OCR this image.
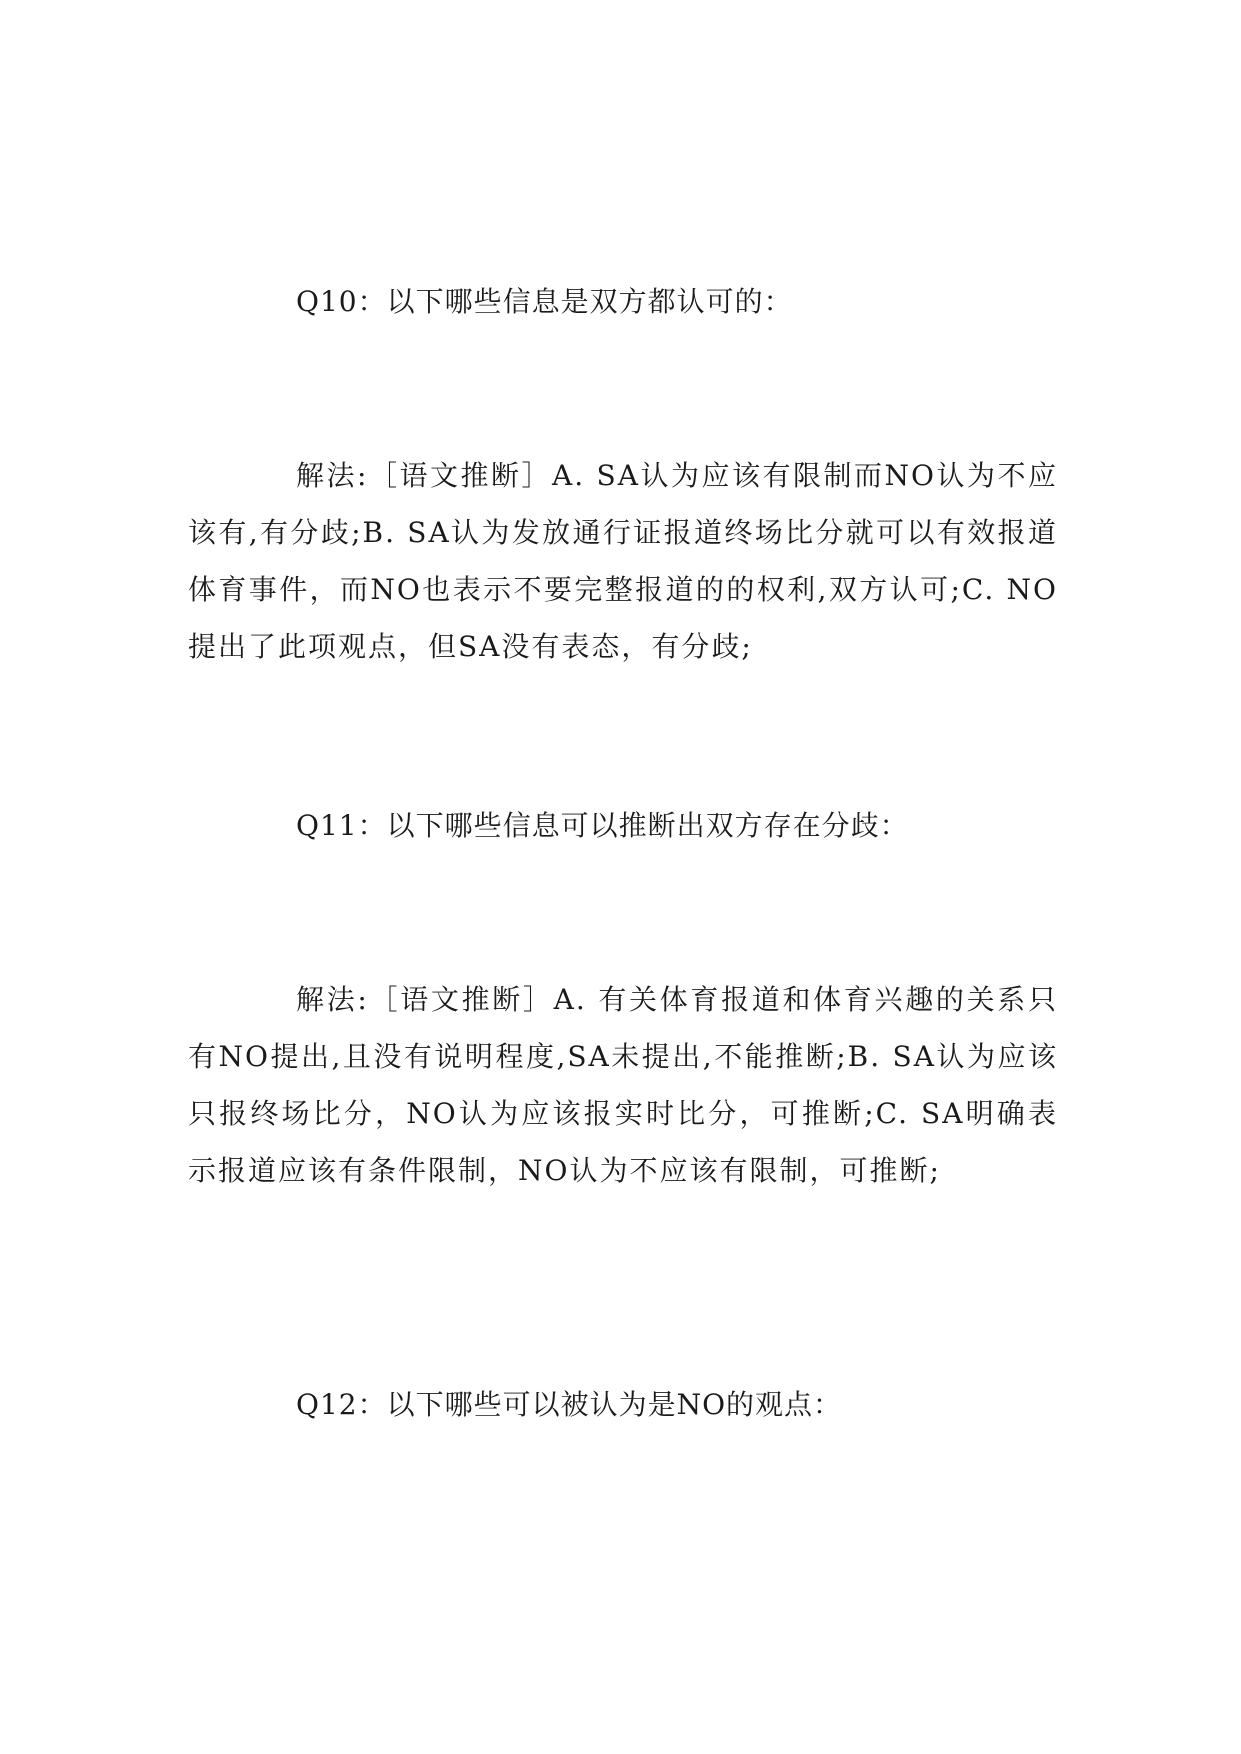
Q10：以下哪些信息是双方都认可的：

解法:［语文推断］A. SA认为应该有限制而NO认为不应该有,有分歧;B. SA认为发放通行证报道终场比分就可以有效报道体育事件，而NO也表示不要完整报道的的权利,双方认可;C. NO提出了此项观点，但SA没有表态，有分歧;

Q11：以下哪些信息可以推断出双方存在分歧：

解法:［语文推断］A. 有关体育报道和体育兴趣的关系只有NO提出,且没有说明程度,SA未提出,不能推断;B. SA认为应该只报终场比分，NO认为应该报实时比分，可推断;C. SA明确表示报道应该有条件限制，NO认为不应该有限制，可推断;

Q12：以下哪些可以被认为是NO的观点：
